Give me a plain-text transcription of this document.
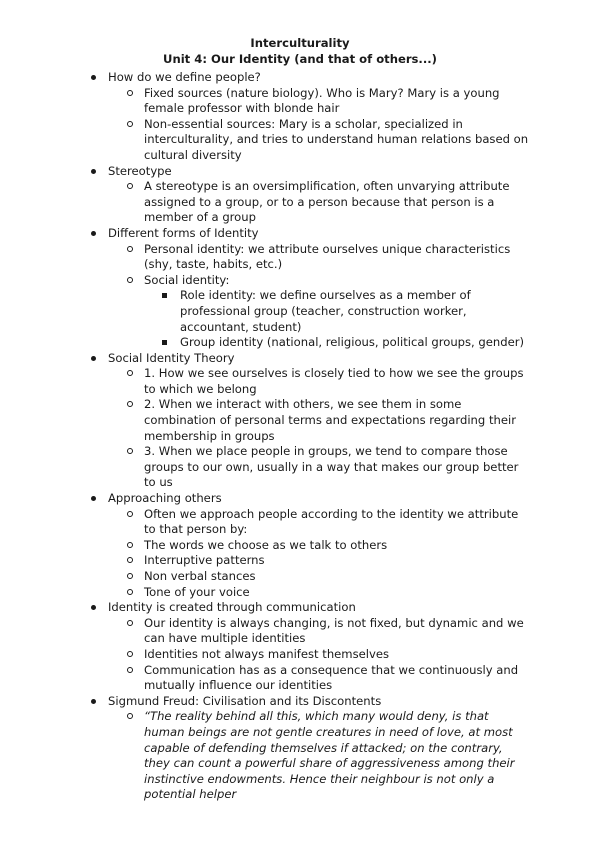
Interculturality
Unit 4: Our Identity (and that of others...)
How do we define people?
Fixed sources (nature biology). Who is Mary? Mary is a young female professor with blonde hair
Non-essential sources: Mary is a scholar, specialized in interculturality, and tries to understand human relations based on cultural diversity
Stereotype
A stereotype is an oversimplification, often unvarying attribute assigned to a group, or to a person because that person is a member of a group
Different forms of Identity
Personal identity: we attribute ourselves unique characteristics (shy, taste, habits, etc.)
Social identity:
Role identity: we define ourselves as a member of professional group (teacher, construction worker, accountant, student)
Group identity (national, religious, political groups, gender)
Social Identity Theory
1. How we see ourselves is closely tied to how we see the groups to which we belong
2. When we interact with others, we see them in some combination of personal terms and expectations regarding their membership in groups
3. When we place people in groups, we tend to compare those groups to our own, usually in a way that makes our group better to us
Approaching others
Often we approach people according to the identity we attribute to that person by:
The words we choose as we talk to others
Interruptive patterns
Non verbal stances
Tone of your voice
Identity is created through communication
Our identity is always changing, is not fixed, but dynamic and we can have multiple identities
Identities not always manifest themselves
Communication has as a consequence that we continuously and mutually influence our identities
Sigmund Freud: Civilisation and its Discontents
“The reality behind all this, which many would deny, is that human beings are not gentle creatures in need of love, at most capable of defending themselves if attacked; on the contrary, they can count a powerful share of aggressiveness among their instinctive endowments. Hence their neighbour is not only a potential helper
